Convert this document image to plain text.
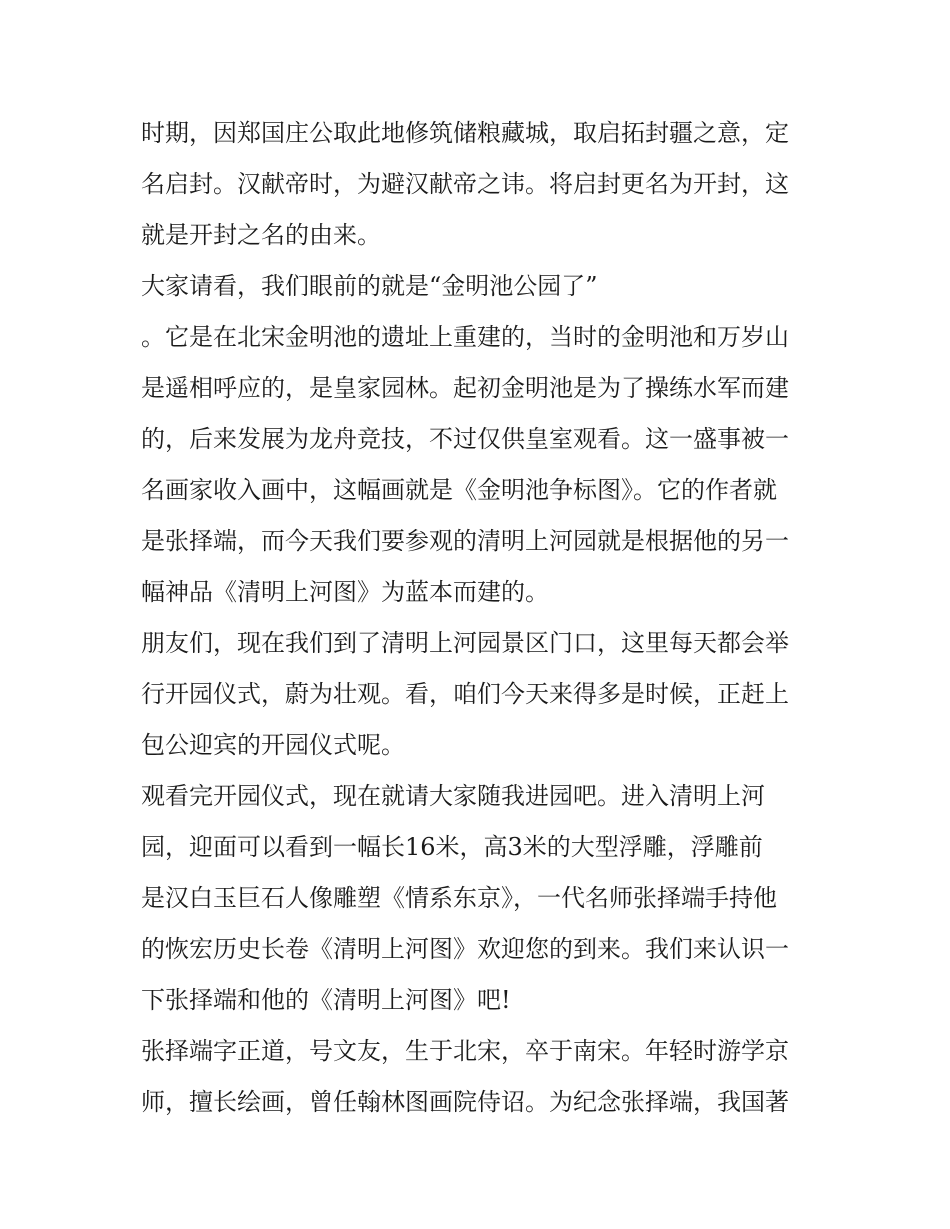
时期，因郑国庄公取此地修筑储粮藏城，取启拓封疆之意，定
名启封。汉献帝时，为避汉献帝之讳。将启封更名为开封，这
就是开封之名的由来。
大家请看，我们眼前的就是“金明池公园了”
。它是在北宋金明池的遗址上重建的，当时的金明池和万岁山
是遥相呼应的，是皇家园林。起初金明池是为了操练水军而建
的，后来发展为龙舟竞技，不过仅供皇室观看。这一盛事被一
名画家收入画中，这幅画就是《金明池争标图》。它的作者就
是张择端，而今天我们要参观的清明上河园就是根据他的另一
幅神品《清明上河图》为蓝本而建的。
朋友们，现在我们到了清明上河园景区门口，这里每天都会举
行开园仪式，蔚为壮观。看，咱们今天来得多是时候，正赶上
包公迎宾的开园仪式呢。
观看完开园仪式，现在就请大家随我进园吧。进入清明上河
园，迎面可以看到一幅长16米，高3米的大型浮雕，浮雕前
是汉白玉巨石人像雕塑《情系东京》，一代名师张择端手持他
的恢宏历史长卷《清明上河图》欢迎您的到来。我们来认识一
下张择端和他的《清明上河图》吧!
张择端字正道，号文友，生于北宋，卒于南宋。年轻时游学京
师，擅长绘画，曾任翰林图画院侍诏。为纪念张择端，我国著
